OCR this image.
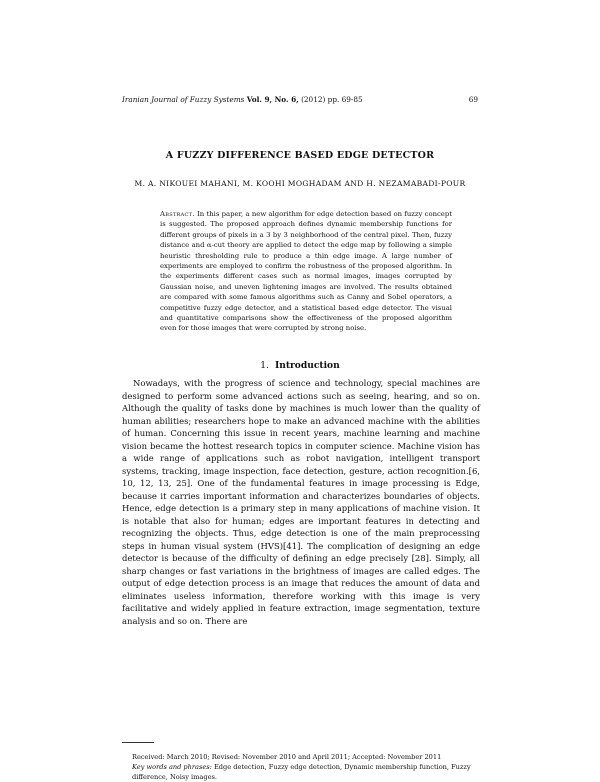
Iranian Journal of Fuzzy Systems Vol. 9, No. 6, (2012) pp. 69-85	69
A FUZZY DIFFERENCE BASED EDGE DETECTOR
M. A. NIKOUEI MAHANI, M. KOOHI MOGHADAM AND H. NEZAMABADI-POUR
Abstract. In this paper, a new algorithm for edge detection based on fuzzy concept is suggested. The proposed approach defines dynamic membership functions for different groups of pixels in a 3 by 3 neighborhood of the central pixel. Then, fuzzy distance and α-cut theory are applied to detect the edge map by following a simple heuristic thresholding rule to produce a thin edge image. A large number of experiments are employed to confirm the robustness of the proposed algorithm. In the experiments different cases such as normal images, images corrupted by Gaussian noise, and uneven lightening images are involved. The results obtained are compared with some famous algorithms such as Canny and Sobel operators, a competitive fuzzy edge detector, and a statistical based edge detector. The visual and quantitative comparisons show the effectiveness of the proposed algorithm even for those images that were corrupted by strong noise.
1. Introduction

Nowadays, with the progress of science and technology, special machines are designed to perform some advanced actions such as seeing, hearing, and so on. Although the quality of tasks done by machines is much lower than the quality of human abilities; researchers hope to make an advanced machine with the abilities of human. Concerning this issue in recent years, machine learning and machine vision became the hottest research topics in computer science. Machine vision has a wide range of applications such as robot navigation, intelligent transport systems, tracking, image inspection, face detection, gesture, action recognition.[6, 10, 12, 13, 25]. One of the fundamental features in image processing is Edge, because it carries important information and characterizes boundaries of objects. Hence, edge detection is a primary step in many applications of machine vision. It is notable that also for human; edges are important features in detecting and recognizing the objects. Thus, edge detection is one of the main preprocessing steps in human visual system (HVS)[41]. The complication of designing an edge detector is because of the difficulty of defining an edge precisely [28]. Simply, all sharp changes or fast variations in the brightness of images are called edges. The output of edge detection process is an image that reduces the amount of data and eliminates useless information, therefore working with this image is very facilitative and widely applied in feature extraction, image segmentation, texture analysis and so on. There are

Received: March 2010; Revised: November 2010 and April 2011; Accepted: November 2011
Key words and phrases: Edge detection, Fuzzy edge detection, Dynamic membership function, Fuzzy difference, Noisy images.
